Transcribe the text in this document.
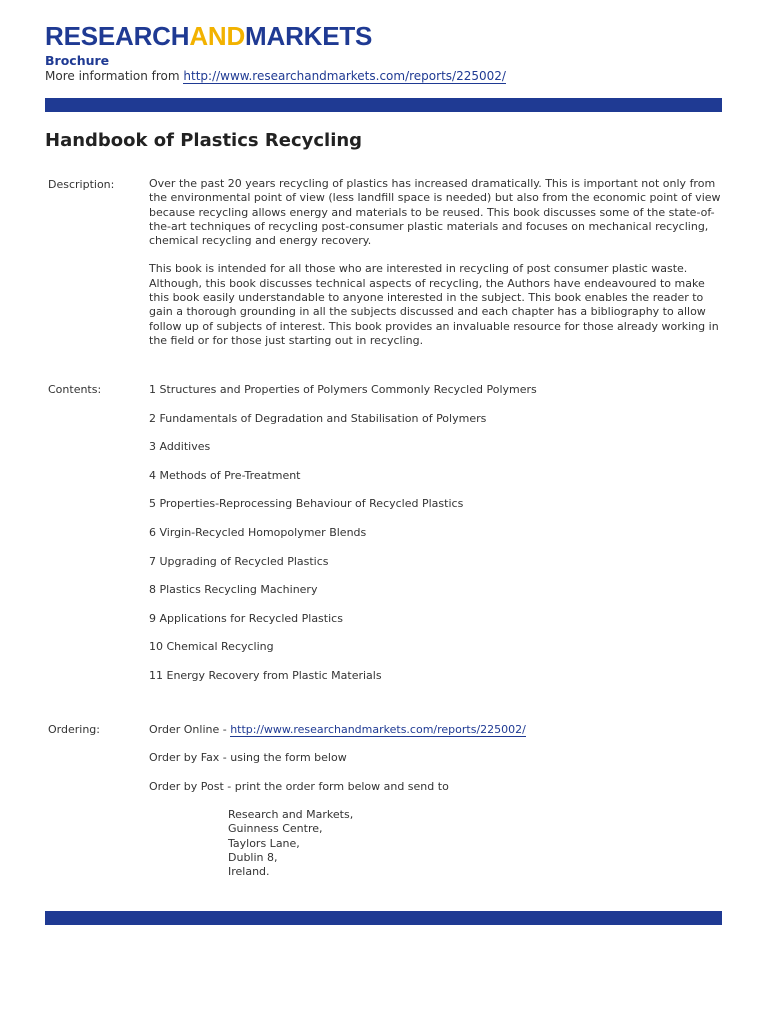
RESEARCHANDMARKETS
Brochure
More information from http://www.researchandmarkets.com/reports/225002/
Handbook of Plastics Recycling
Description:	Over the past 20 years recycling of plastics has increased dramatically. This is important not only from the environmental point of view (less landfill space is needed) but also from the economic point of view because recycling allows energy and materials to be reused. This book discusses some of the state-of-the-art techniques of recycling post-consumer plastic materials and focuses on mechanical recycling, chemical recycling and energy recovery.

This book is intended for all those who are interested in recycling of post consumer plastic waste. Although, this book discusses technical aspects of recycling, the Authors have endeavoured to make this book easily understandable to anyone interested in the subject. This book enables the reader to gain a thorough grounding in all the subjects discussed and each chapter has a bibliography to allow follow up of subjects of interest. This book provides an invaluable resource for those already working in the field or for those just starting out in recycling.

Contents:	1 Structures and Properties of Polymers Commonly Recycled Polymers
2 Fundamentals of Degradation and Stabilisation of Polymers
3 Additives
4 Methods of Pre-Treatment
5 Properties-Reprocessing Behaviour of Recycled Plastics
6 Virgin-Recycled Homopolymer Blends
7 Upgrading of Recycled Plastics
8 Plastics Recycling Machinery
9 Applications for Recycled Plastics
10 Chemical Recycling
11 Energy Recovery from Plastic Materials
Ordering:	Order Online - http://www.researchandmarkets.com/reports/225002/
Order by Fax - using the form below
Order by Post - print the order form below and send to
Research and Markets,
Guinness Centre,
Taylors Lane,
Dublin 8,
Ireland.
